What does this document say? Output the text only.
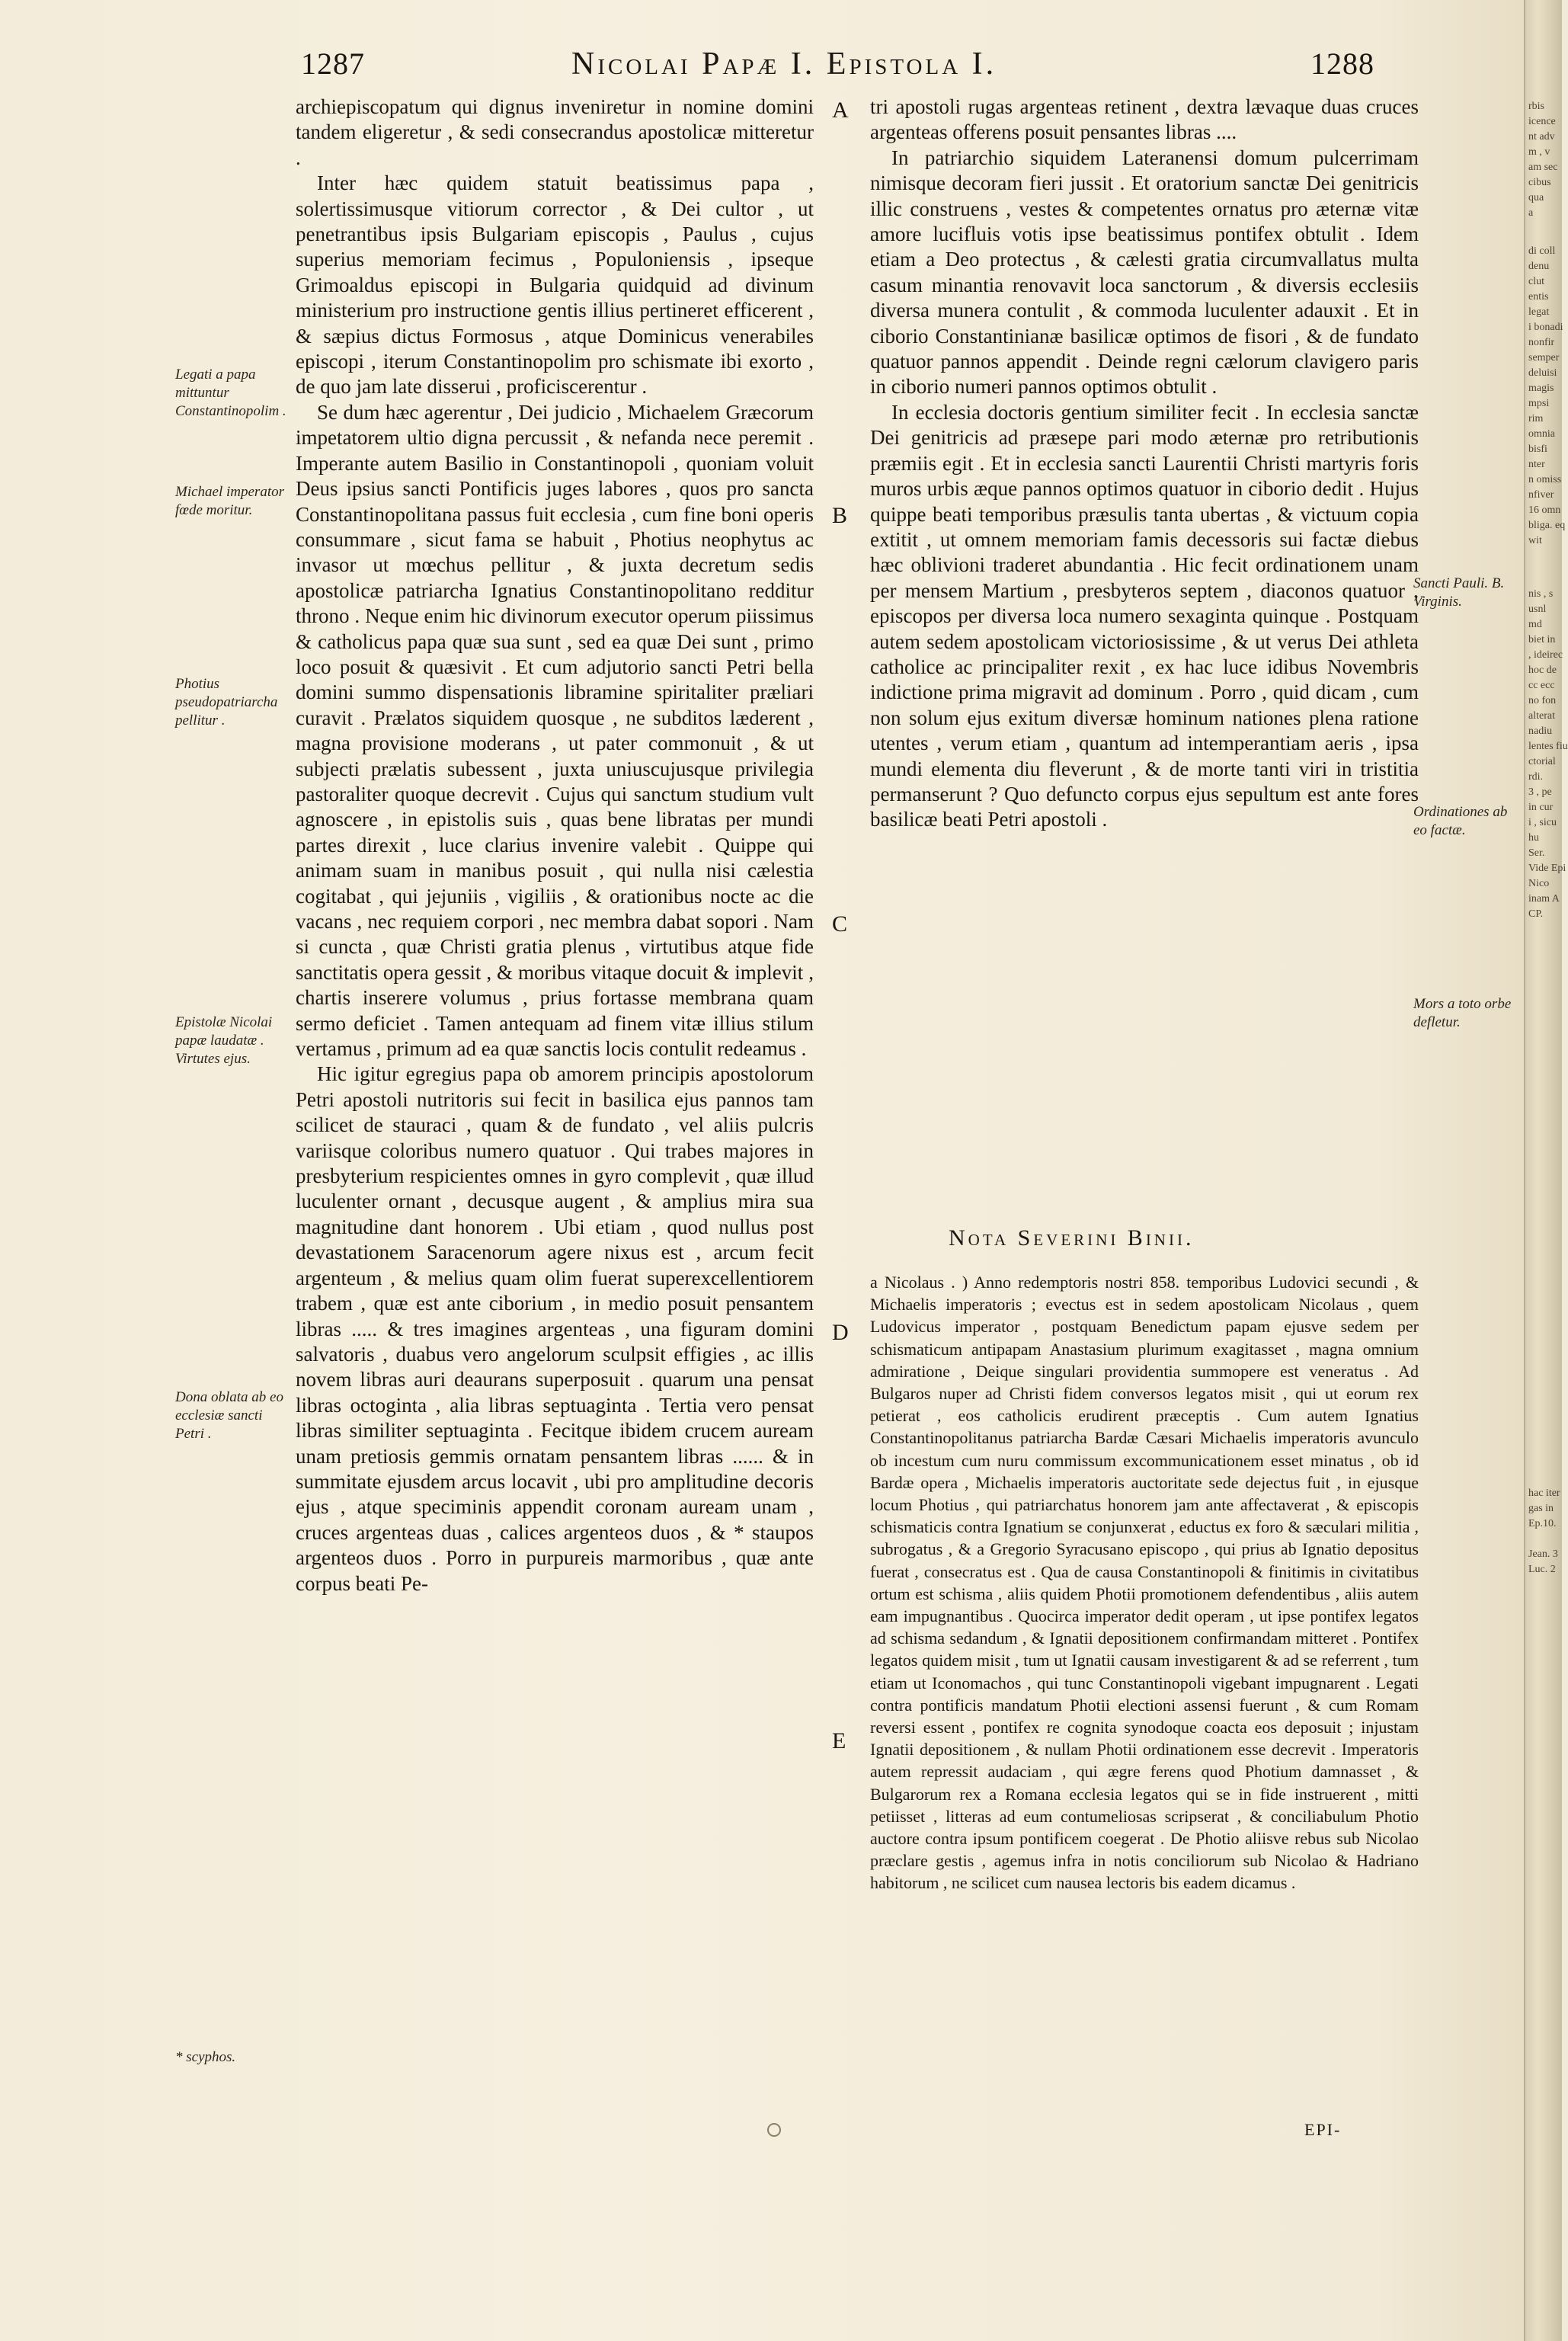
1287	Nicolai Papæ I. Epistola I.	1288

archiepiscopatum qui dignus inveniretur in nomine domini tandem eligeretur , & sedi consecrandus apostolicæ mitteretur .

Inter hæc quidem statuit beatissimus papa , solertissimusque vitiorum corrector , & Dei cultor , ut penetrantibus ipsis Bulgariam episcopis , Paulus , cujus superius memoriam fecimus , Populoniensis , ipseque Grimoaldus episcopi in Bulgaria quidquid ad divinum ministerium pro instructione gentis illius pertineret efficerent , & sæpius dictus Formosus , atque Dominicus venerabiles episcopi , iterum Constantinopolim pro schismate ibi exorto , de quo jam late disserui , proficiscerentur .

Se dum hæc agerentur , Dei judicio , Michaelem Græcorum impetatorem ultio digna percussit , & nefanda nece peremit . Imperante autem Basilio in Constantinopoli , quoniam voluit Deus ipsius sancti Pontificis juges labores , quos pro sancta Constantinopolitana passus fuit ecclesia , cum fine boni operis consummare , sicut fama se habuit , Photius neophytus ac invasor ut mœchus pellitur , & juxta decretum sedis apostolicæ patriarcha Ignatius Constantinopolitano redditur throno . Neque enim hic divinorum executor operum piissimus & catholicus papa quæ sua sunt , sed ea quæ Dei sunt , primo loco posuit & quæsivit . Et cum adjutorio sancti Petri bella domini summo dispensationis libramine spiritaliter præliari curavit . Prælatos siquidem quosque , ne subditos læderent , magna provisione moderans , ut pater commonuit , & ut subjecti prælatis subessent , juxta uniuscujusque privilegia pastoraliter quoque decrevit . Cujus qui sanctum studium vult agnoscere , in epistolis suis , quas bene libratas per mundi partes direxit , luce clarius invenire valebit . Quippe qui animam suam in manibus posuit , qui nulla nisi cælestia cogitabat , qui jejuniis , vigiliis , & orationibus nocte ac die vacans , nec requiem corpori , nec membra dabat sopori . Nam si cuncta , quæ Christi gratia plenus , virtutibus atque fide sanctitatis opera gessit , & moribus vitaque docuit & implevit , chartis inserere volumus , prius fortasse membrana quam sermo deficiet . Tamen antequam ad finem vitæ illius stilum vertamus , primum ad ea quæ sanctis locis contulit redeamus .

Hic igitur egregius papa ob amorem principis apostolorum Petri apostoli nutritoris sui fecit in basilica ejus pannos tam scilicet de stauraci , quam & de fundato , vel aliis pulcris variisque coloribus numero quatuor . Qui trabes majores in presbyterium respicientes omnes in gyro complevit , quæ illud luculenter ornant , decusque augent , & amplius mira sua magnitudine dant honorem . Ubi etiam , quod nullus post devastationem Saracenorum agere nixus est , arcum fecit argenteum , & melius quam olim fuerat superexcellentiorem trabem , quæ est ante ciborium , in medio posuit pensantem libras ..... & tres imagines argenteas , una figuram domini salvatoris , duabus vero angelorum sculpsit effigies , ac illis novem libras auri deaurans superposuit . quarum una pensat libras octoginta , alia libras septuaginta . Tertia vero pensat libras similiter septuaginta . Fecitque ibidem crucem auream unam pretiosis gemmis ornatam pensantem libras ...... & in summitate ejusdem arcus locavit , ubi pro amplitudine decoris ejus , atque speciminis appendit coronam auream unam , cruces argenteas duas , calices argenteos duos , & * staupos argenteos duos . Porro in purpureis marmoribus , quæ ante corpus beati Pe-

A
B
C
D
E

tri apostoli rugas argenteas retinent , dextra lævaque duas cruces argenteas offerens posuit pensantes libras ....

In patriarchio siquidem Lateranensi domum pulcerrimam nimisque decoram fieri jussit . Et oratorium sanctæ Dei genitricis illic construens , vestes & competentes ornatus pro æternæ vitæ amore lucifluis votis ipse beatissimus pontifex obtulit . Idem etiam a Deo protectus , & cælesti gratia circumvallatus multa casum minantia renovavit loca sanctorum , & diversis ecclesiis diversa munera contulit , & commoda luculenter adauxit . Et in ciborio Constantinianæ basilicæ optimos de fisori , & de fundato quatuor pannos appendit . Deinde regni cælorum clavigero paris in ciborio numeri pannos optimos obtulit .

In ecclesia doctoris gentium similiter fecit . In ecclesia sanctæ Dei genitricis ad præsepe pari modo æternæ pro retributionis præmiis egit . Et in ecclesia sancti Laurentii Christi martyris foris muros urbis æque pannos optimos quatuor in ciborio dedit . Hujus quippe beati temporibus præsulis tanta ubertas , & victuum copia extitit , ut omnem memoriam famis decessoris sui factæ diebus hæc oblivioni traderet abundantia . Hic fecit ordinationem unam per mensem Martium , presbyteros septem , diaconos quatuor , episcopos per diversa loca numero sexaginta quinque . Postquam autem sedem apostolicam victoriosissime , & ut verus Dei athleta catholice ac principaliter rexit , ex hac luce idibus Novembris indictione prima migravit ad dominum . Porro , quid dicam , cum non solum ejus exitum diversæ hominum nationes plena ratione utentes , verum etiam , quantum ad intemperantiam aeris , ipsa mundi elementa diu fleverunt , & de morte tanti viri in tristitia permanserunt ? Quo defuncto corpus ejus sepultum est ante fores basilicæ beati Petri apostoli .

Nota Severini Binii.
a Nicolaus . ) Anno redemptoris nostri 858. temporibus Ludovici secundi , & Michaelis imperatoris ; evectus est in sedem apostolicam Nicolaus , quem Ludovicus imperator , postquam Benedictum papam ejusve sedem per schismaticum antipapam Anastasium plurimum exagitasset , magna omnium admiratione , Deique singulari providentia summopere est veneratus . Ad Bulgaros nuper ad Christi fidem conversos legatos misit , qui ut eorum rex petierat , eos catholicis erudirent præceptis . Cum autem Ignatius Constantinopolitanus patriarcha Bardæ Cæsari Michaelis imperatoris avunculo ob incestum cum nuru commissum excommunicationem esset minatus , ob id Bardæ opera , Michaelis imperatoris auctoritate sede dejectus fuit , in ejusque locum Photius , qui patriarchatus honorem jam ante affectaverat , & episcopis schismaticis contra Ignatium se conjunxerat , eductus ex foro & sæculari militia , subrogatus , & a Gregorio Syracusano episcopo , qui prius ab Ignatio depositus fuerat , consecratus est . Qua de causa Constantinopoli & finitimis in civitatibus ortum est schisma , aliis quidem Photii promotionem defendentibus , aliis autem eam impugnantibus . Quocirca imperator dedit operam , ut ipse pontifex legatos ad schisma sedandum , & Ignatii depositionem confirmandam mitteret . Pontifex legatos quidem misit , tum ut Ignatii causam investigarent & ad se referrent , tum etiam ut Iconomachos , qui tunc Constantinopoli vigebant impugnarent . Legati contra pontificis mandatum Photii electioni assensi fuerunt , & cum Romam reversi essent , pontifex re cognita synodoque coacta eos deposuit ; injustam Ignatii depositionem , & nullam Photii ordinationem esse decrevit . Imperatoris autem repressit audaciam , qui ægre ferens quod Photium damnasset , & Bulgarorum rex a Romana ecclesia legatos qui se in fide instruerent , mitti petiisset , litteras ad eum contumeliosas scripserat , & conciliabulum Photio auctore contra ipsum pontificem coegerat . De Photio aliisve rebus sub Nicolao præclare gestis , agemus infra in notis conciliorum sub Nicolao & Hadriano habitorum , ne scilicet cum nausea lectoris bis eadem dicamus .
Legati a papa mittuntur Constantinopolim .
Michael imperator fœde moritur.
Photius pseudopatriarcha pellitur .
Epistolæ Nicolai papæ laudatæ . Virtutes ejus.
Dona oblata ab eo ecclesiæ sancti Petri .
* scyphos.
Sancti Pauli. B. Virginis.
Ordinationes ab eo factæ.
Mors a toto orbe defletur.
EPI-
rbis
icence
nt adv
m , v
am sec
cibus
qua
a
di coll
denu
clut
entis
legat
i bonadi
nonfir
semper
deluisi
magis
mpsi
rim
omnia
bisfi
nter
n omiss
nfiver
16 omn
bliga. eq
wit
nis , s
usnl
md
biet in
, ideirec
hoc de
cc ecc
no fon
alterat
nadiu
lentes fiu
ctorial
rdi.
3 , pe
in cur
i , sicu
hu
Ser.
Vide Epi
Nico
inam A
CP.
hac iter
gas in
Ep.10.

Jean. 3
Luc. 2
